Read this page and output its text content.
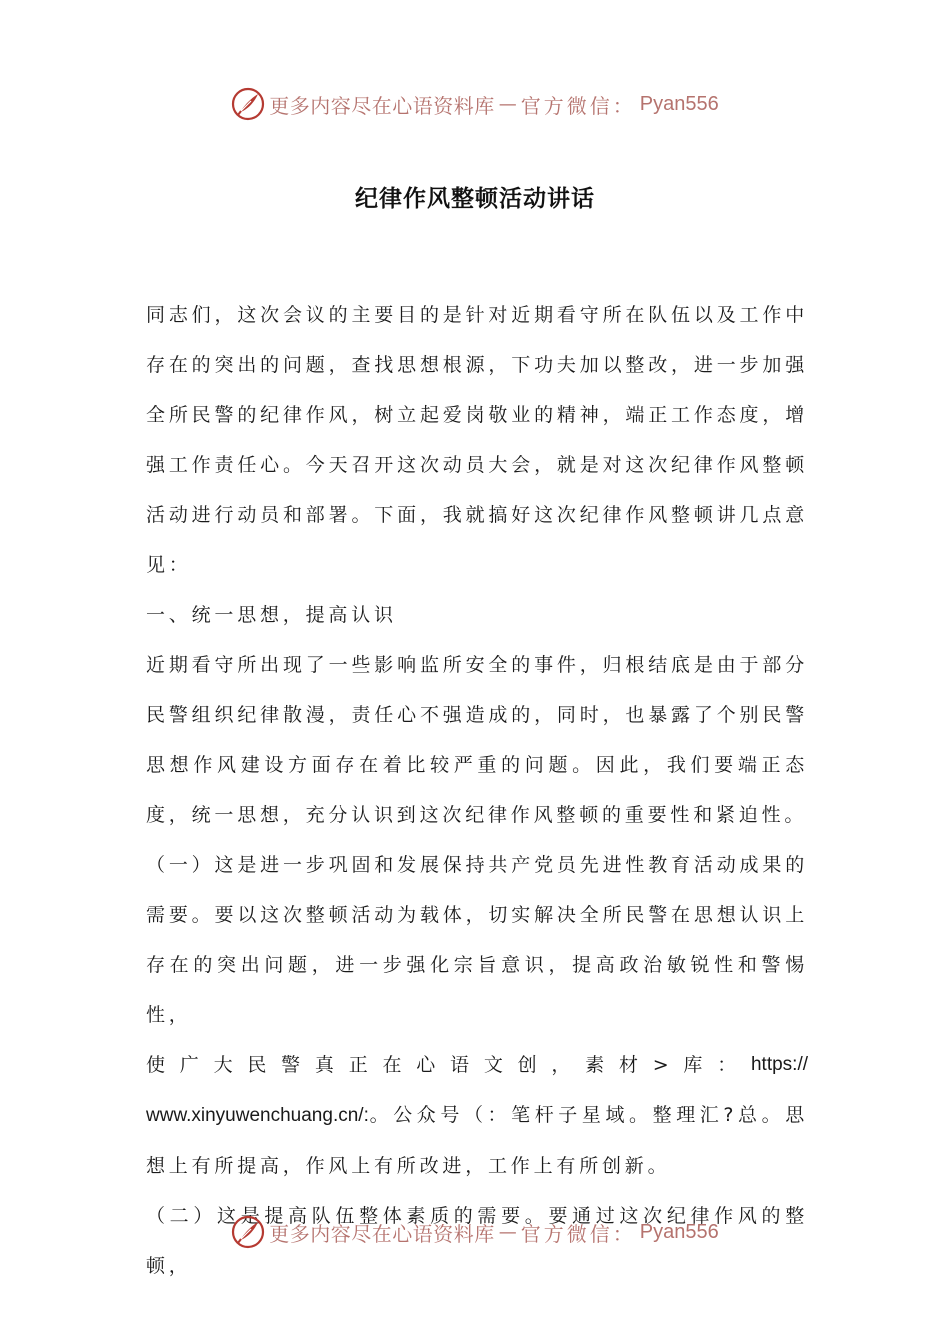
更多内容尽在心语资料库 — 官方微信： Pyan556
纪律作风整顿活动讲话

同志们，这次会议的主要目的是针对近期看守所在队伍以及工作中存在的突出的问题，查找思想根源，下功夫加以整改，进一步加强全所民警的纪律作风，树立起爱岗敬业的精神，端正工作态度，增强工作责任心。今天召开这次动员大会，就是对这次纪律作风整顿活动进行动员和部署。下面，我就搞好这次纪律作风整顿讲几点意见：

一、统一思想，提高认识

近期看守所出现了一些影响监所安全的事件，归根结底是由于部分民警组织纪律散漫，责任心不强造成的，同时，也暴露了个别民警思想作风建设方面存在着比较严重的问题。因此，我们要端正态度，统一思想，充分认识到这次纪律作风整顿的重要性和紧迫性。

（一）这是进一步巩固和发展保持共产党员先进性教育活动成果的需要。要以这次整顿活动为载体，切实解决全所民警在思想认识上存在的突出问题，进一步强化宗旨意识，提高政治敏锐性和警惕性，

使 广 大 民 警 真 正 在 心 语 文 创 ， 素 材 > 库 ： https://

www.xinyuwenchuang.cn/:。公众号（：笔杆子星域。整理汇?总。思想上有所提高，作风上有所改进，工作上有所创新。

（二）这是提高队伍整体素质的需要。要通过这次纪律作风的整顿，

更多内容尽在心语资料库 — 官方微信： Pyan556
